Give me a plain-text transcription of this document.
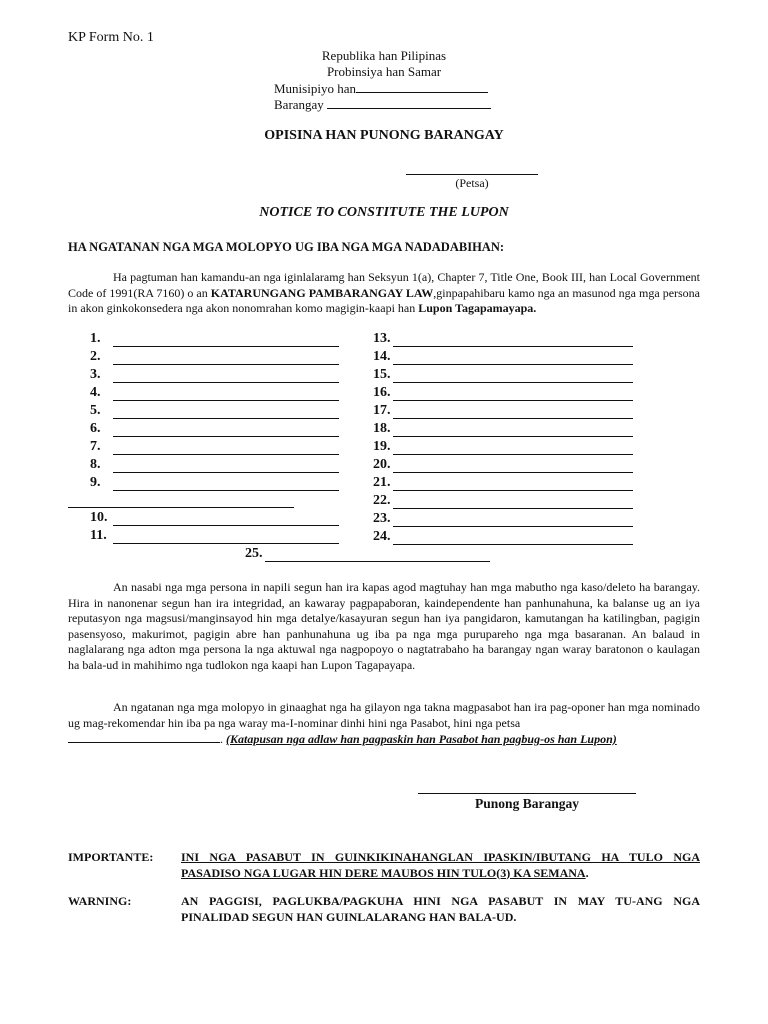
KP Form No. 1
Republika han Pilipinas
Probinsiya han Samar
Munisipiyo han
Barangay
OPISINA HAN PUNONG BARANGAY
(Petsa)
NOTICE TO CONSTITUTE THE LUPON
HA NGATANAN NGA MGA MOLOPYO UG IBA NGA MGA NADADABIHAN:

Ha pagtuman han kamandu-an nga iginlalaramg han Seksyun 1(a), Chapter 7, Title One, Book III, han Local Government Code of 1991(RA 7160) o an KATARUNGANG PAMBARANGAY LAW,ginpapahibaru kamo nga an masunod nga mga persona in akon ginkokonsedera nga akon nonomrahan komo magigin-kaapi han Lupon Tagapamayapa.

1.
2.
3.
4.
5.
6.
7.
8.
9.
10.
11.
13.
14.
15.
16.
17.
18.
19.
20.
21.
22.
23.
24.
25.

An nasabi nga mga persona in napili segun han ira kapas agod magtuhay han mga mabutho nga kaso/deleto ha barangay. Hira in nanonenar segun han ira integridad, an kawaray pagpapaboran, kaindependente han panhunahuna, ka balanse ug an iya reputasyon nga magsusi/manginsayod hin mga detalye/kasayuran segun han iya pangidaron, kamutangan ha katilingban, pagigin pasensyoso, makurimot, pagigin abre han panhunahuna ug iba pa nga mga purupareho nga mga basaranan. An balaud in naglalarang nga adton mga persona la nga aktuwal nga nagpopoyo o nagtatrabaho ha barangay ngan waray baratonon o kaulagan ha bala-ud in mahihimo nga tudlokon nga kaapi han Lupon Tagapayapa.

An ngatanan nga mga molopyo in ginaaghat nga ha gilayon nga takna magpasabot han ira pag-oponer han mga nominado ug mag-rekomendar hin iba pa nga waray ma-I-nominar dinhi hini nga Pasabot, hini nga petsa

. (Katapusan nga adlaw han pagpaskin han Pasabot han pagbug-os han Lupon)
Punong Barangay
IMPORTANTE: INI NGA PASABUT IN GUINKIKINAHANGLAN IPASKIN/IBUTANG HA TULO NGA PASADISO NGA LUGAR HIN DERE MAUBOS HIN TULO(3) KA SEMANA.
WARNING:	AN PAGGISI, PAGLUKBA/PAGKUHA HINI NGA PASABUT IN MAY TU-ANG NGA PINALIDAD SEGUN HAN GUINLALARANG HAN BALA-UD.
